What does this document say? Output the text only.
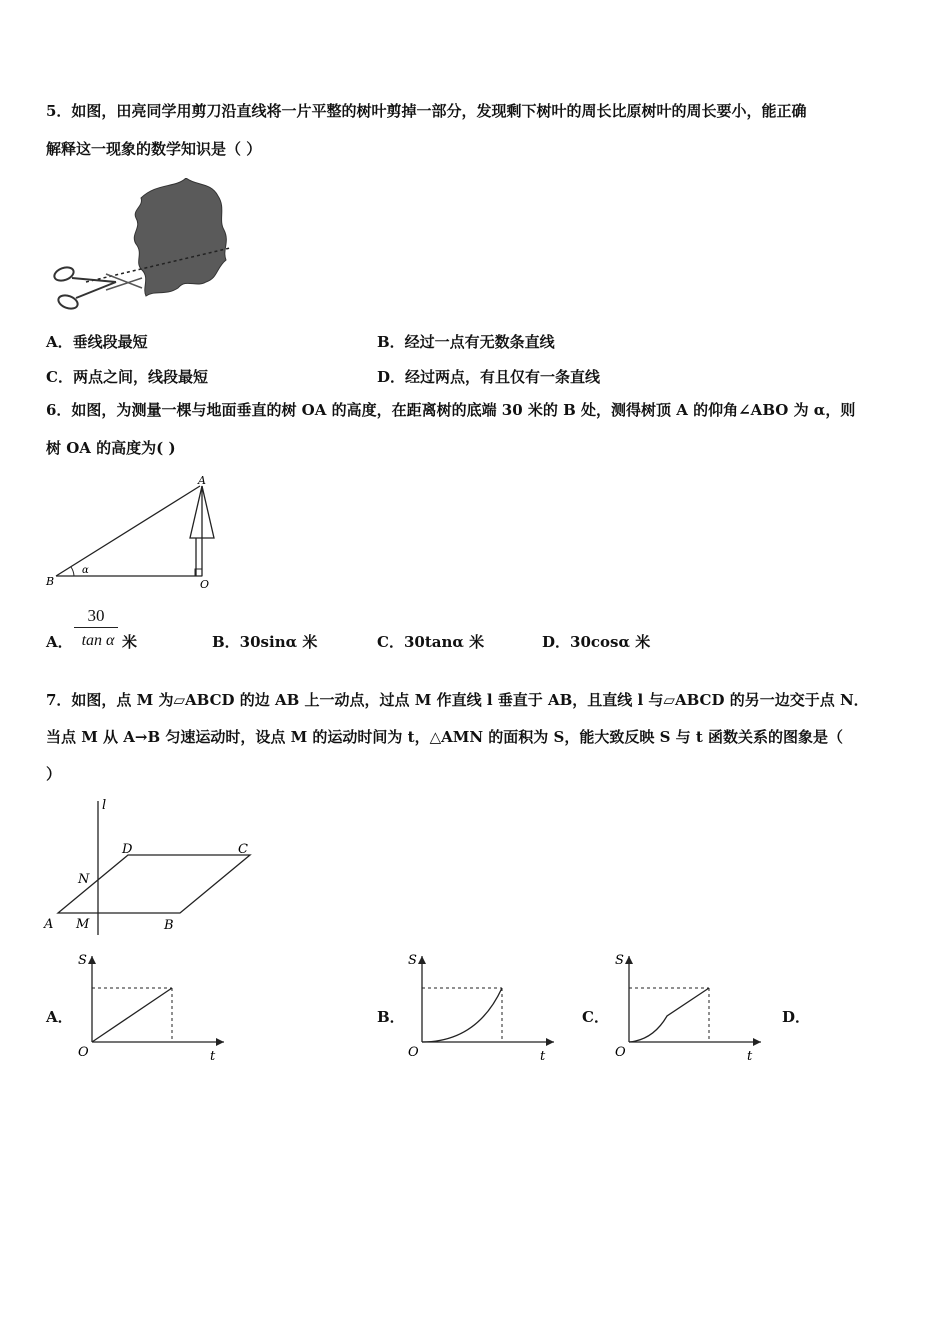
5．如图，田亮同学用剪刀沿直线将一片平整的树叶剪掉一部分，发现剩下树叶的周长比原树叶的周长要小，能正确
解释这一现象的数学知识是（ ）
A．垂线段最短	B．经过一点有无数条直线
C．两点之间，线段最短	D．经过两点，有且仅有一条直线
6．如图，为测量一棵与地面垂直的树 OA 的高度，在距离树的底端 30 米的 B 处，测得树顶 A 的仰角∠ABO 为 α，则
树 OA 的高度为( )
A
B	O
α
A．
30
tan α 米	B．30sinα 米	C．30tanα 米	D．30cosα 米
7．如图，点 M 为▱ABCD 的边 AB 上一动点，过点 M 作直线 l 垂直于 AB，且直线 l 与▱ABCD 的另一边交于点 N．
当点 M 从 A→B 匀速运动时，设点 M 的运动时间为 t，△AMN 的面积为 S，能大致反映 S 与 t 函数关系的图象是（
）
l
D	C
N
A M	B
A．
S
t
O
B．
S
t
O
C．
S
t
O
D．
